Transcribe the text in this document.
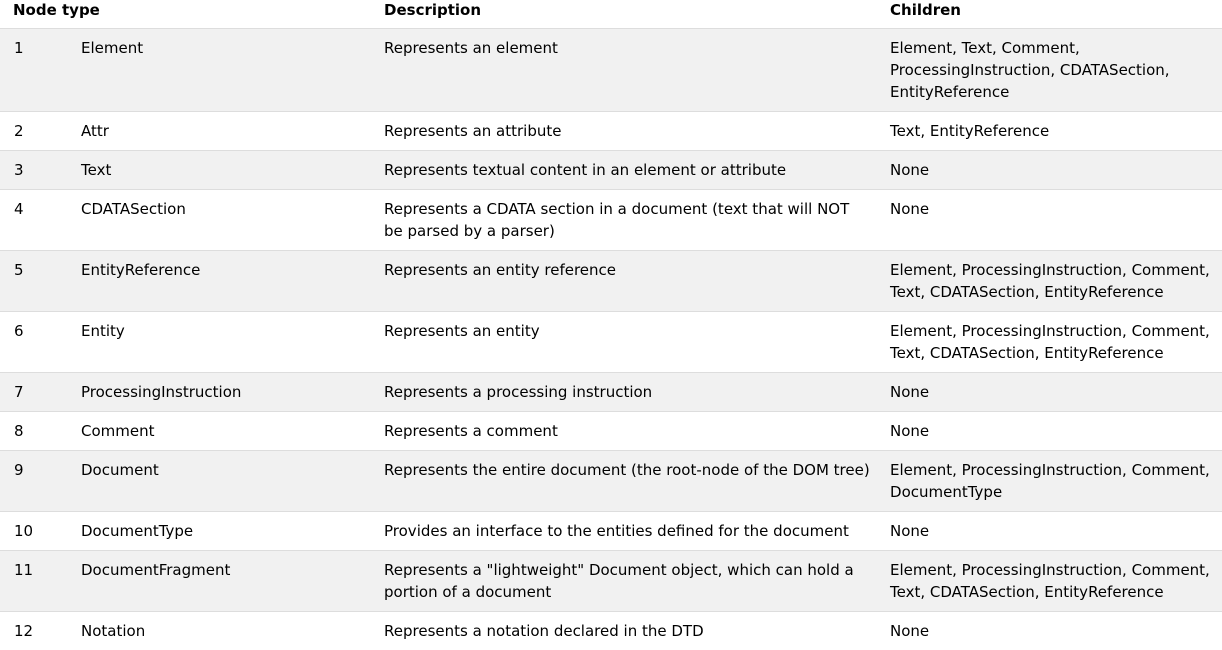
Node type		Description	Children
1	Element	Represents an element	Element, Text, Comment, ProcessingInstruction, CDATASection, EntityReference
2	Attr	Represents an attribute	Text, EntityReference
3	Text	Represents textual content in an element or attribute	None
4	CDATASection	Represents a CDATA section in a document (text that will NOT be parsed by a parser)	None
5	EntityReference	Represents an entity reference	Element, ProcessingInstruction, Comment, Text, CDATASection, EntityReference
6	Entity	Represents an entity	Element, ProcessingInstruction, Comment, Text, CDATASection, EntityReference
7	ProcessingInstruction	Represents a processing instruction	None
8	Comment	Represents a comment	None
9	Document	Represents the entire document (the root-node of the DOM tree)	Element, ProcessingInstruction, Comment, DocumentType
10	DocumentType	Provides an interface to the entities defined for the document	None
11	DocumentFragment	Represents a "lightweight" Document object, which can hold a portion of a document	Element, ProcessingInstruction, Comment, Text, CDATASection, EntityReference
12	Notation	Represents a notation declared in the DTD	None
